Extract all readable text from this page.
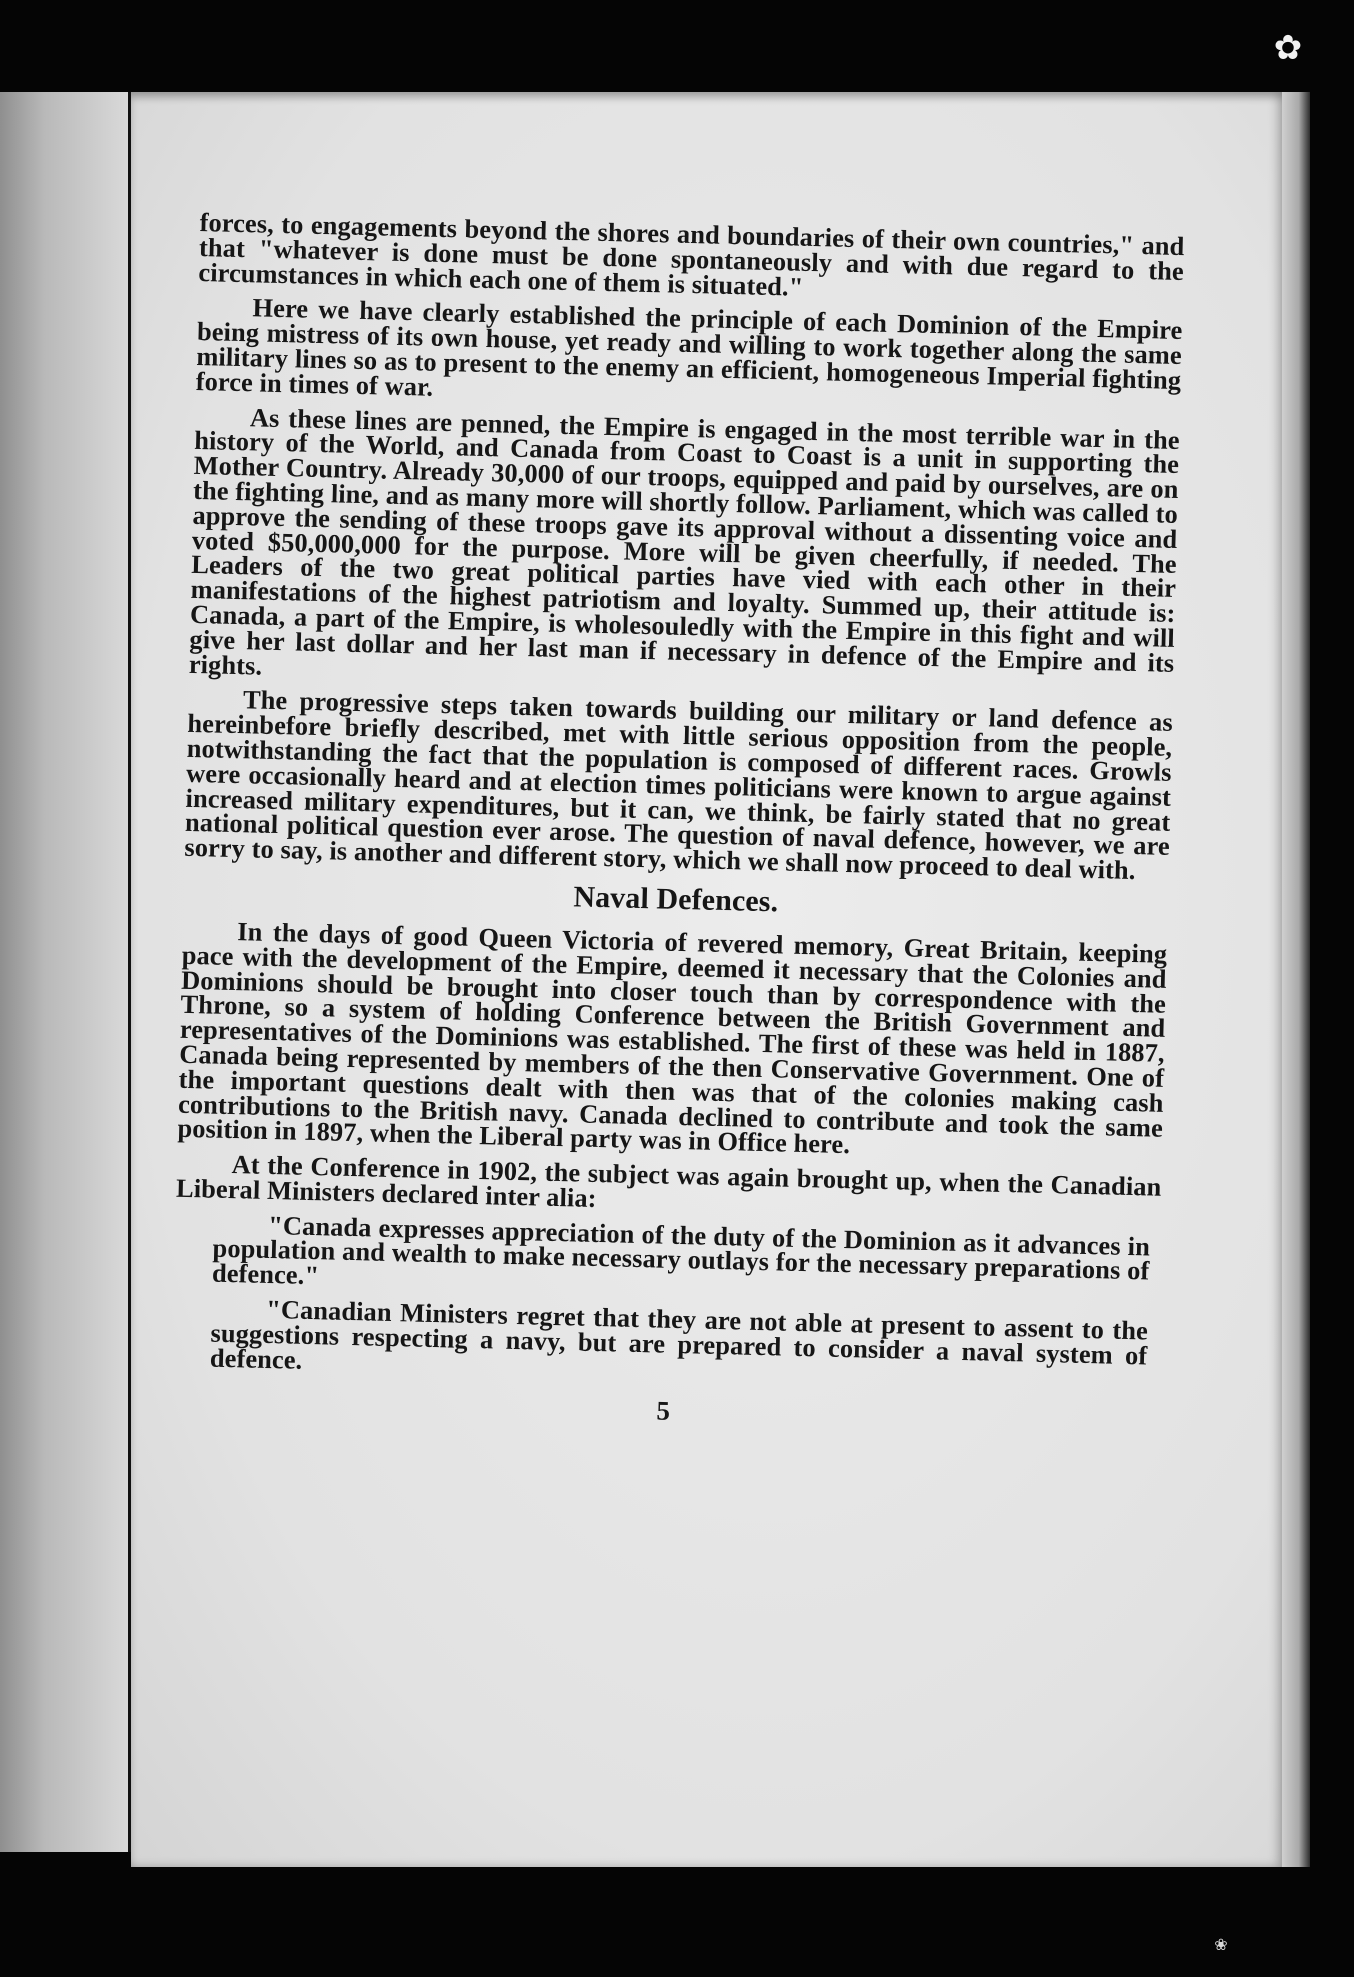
✿
❀

forces, to engagements beyond the shores and boundaries of their own countries," and that "whatever is done must be done spontaneously and with due regard to the circumstances in which each one of them is situated."

Here we have clearly established the principle of each Dominion of the Empire being mistress of its own house, yet ready and willing to work together along the same military lines so as to present to the enemy an efficient, homogeneous Imperial fighting force in times of war.

As these lines are penned, the Empire is engaged in the most terrible war in the history of the World, and Canada from Coast to Coast is a unit in supporting the Mother Country. Already 30,000 of our troops, equipped and paid by ourselves, are on the fighting line, and as many more will shortly follow. Parliament, which was called to approve the sending of these troops gave its approval without a dissenting voice and voted $50,000,000 for the purpose. More will be given cheerfully, if needed. The Leaders of the two great political parties have vied with each other in their manifestations of the highest patriotism and loyalty. Summed up, their attitude is: Canada, a part of the Empire, is wholesouledly with the Empire in this fight and will give her last dollar and her last man if necessary in defence of the Empire and its rights.

The progressive steps taken towards building our military or land defence as hereinbefore briefly described, met with little serious opposition from the people, notwithstanding the fact that the population is composed of different races. Growls were occasionally heard and at election times politicians were known to argue against increased military expenditures, but it can, we think, be fairly stated that no great national political question ever arose. The question of naval defence, however, we are sorry to say, is another and different story, which we shall now proceed to deal with.

Naval Defences.

In the days of good Queen Victoria of revered memory, Great Britain, keeping pace with the development of the Empire, deemed it necessary that the Colonies and Dominions should be brought into closer touch than by correspondence with the Throne, so a system of holding Conference between the British Government and representatives of the Dominions was established. The first of these was held in 1887, Canada being represented by members of the then Conservative Government. One of the important questions dealt with then was that of the colonies making cash contributions to the British navy. Canada declined to contribute and took the same position in 1897, when the Liberal party was in Office here.

At the Conference in 1902, the subject was again brought up, when the Canadian Liberal Ministers declared inter alia:

"Canada expresses appreciation of the duty of the Dominion as it advances in population and wealth to make necessary outlays for the necessary preparations of defence."

"Canadian Ministers regret that they are not able at present to assent to the suggestions respecting a navy, but are prepared to consider a naval system of defence.

5
